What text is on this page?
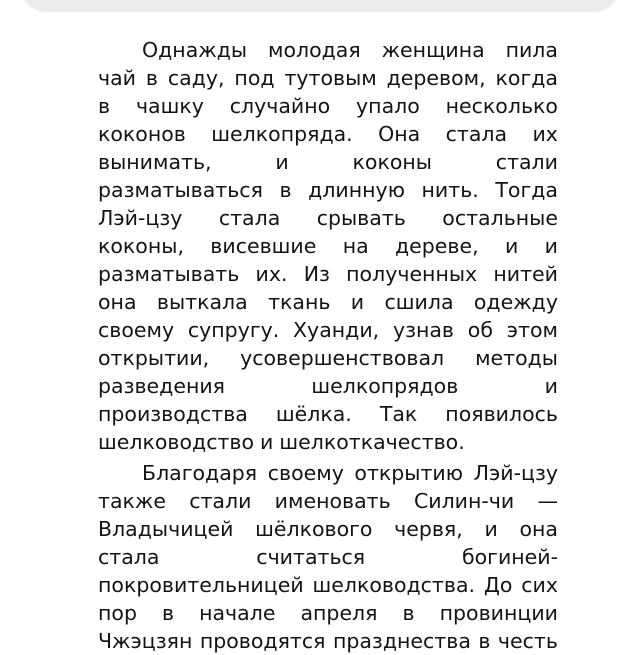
Однажды молодая женщина пила
чай в саду, под тутовым деревом, когда
в чашку случайно упало несколько
коконов шелкопряда. Она стала их
вынимать,	и	коконы	стали
разматываться в длинную нить. Тогда
Лэй-цзу стала срывать остальные
коконы, висевшие на дереве, и и
разматывать их. Из полученных нитей
она выткала ткань и сшила одежду
своему супругу. Хуанди, узнав об этом
открытии, усовершенствовал методы
разведения	шелкопрядов	и
производства шёлка. Так появилось
шелководство и шелкоткачество.
Благодаря своему открытию Лэй-цзу
также стали именовать Силин-чи —
Владычицей шёлкового червя, и она
стала	считаться	богиней-
покровительницей шелководства. До сих
пор в начале апреля в провинции
Чжэцзян проводятся празднества в честь
